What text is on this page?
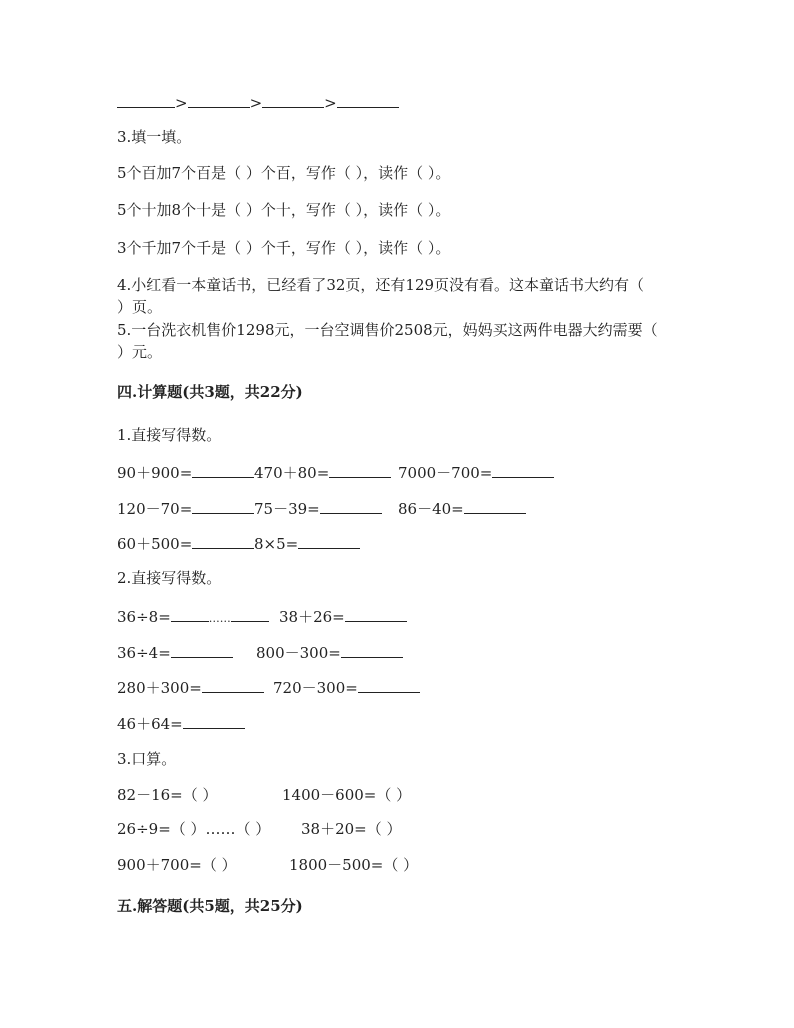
>	>	>
3.填一填。
5个百加7个百是（ ）个百，写作（ ），读作（ ）。
5个十加8个十是（ ）个十，写作（ ），读作（ ）。
3个千加7个千是（ ）个千，写作（ ），读作（ ）。
4.小红看一本童话书，已经看了32页，还有129页没有看。这本童话书大约有（
）页。
5.一台洗衣机售价1298元，一台空调售价2508元，妈妈买这两件电器大约需要（
）元。
四.计算题(共3题，共22分)
1.直接写得数。
90＋900=	470＋80=	7000－700=
120－70=	75－39=	86－40=
60＋500=	8×5=
2.直接写得数。
36÷8=	……	38＋26=
36÷4=	800－300=
280＋300=	720－300=
46＋64=
3.口算。
82－16=（ ）	1400－600=（ ）
26÷9=（ ）……（ ） 38＋20=（ ）
900＋700=（ ）	1800－500=（ ）
五.解答题(共5题，共25分)
